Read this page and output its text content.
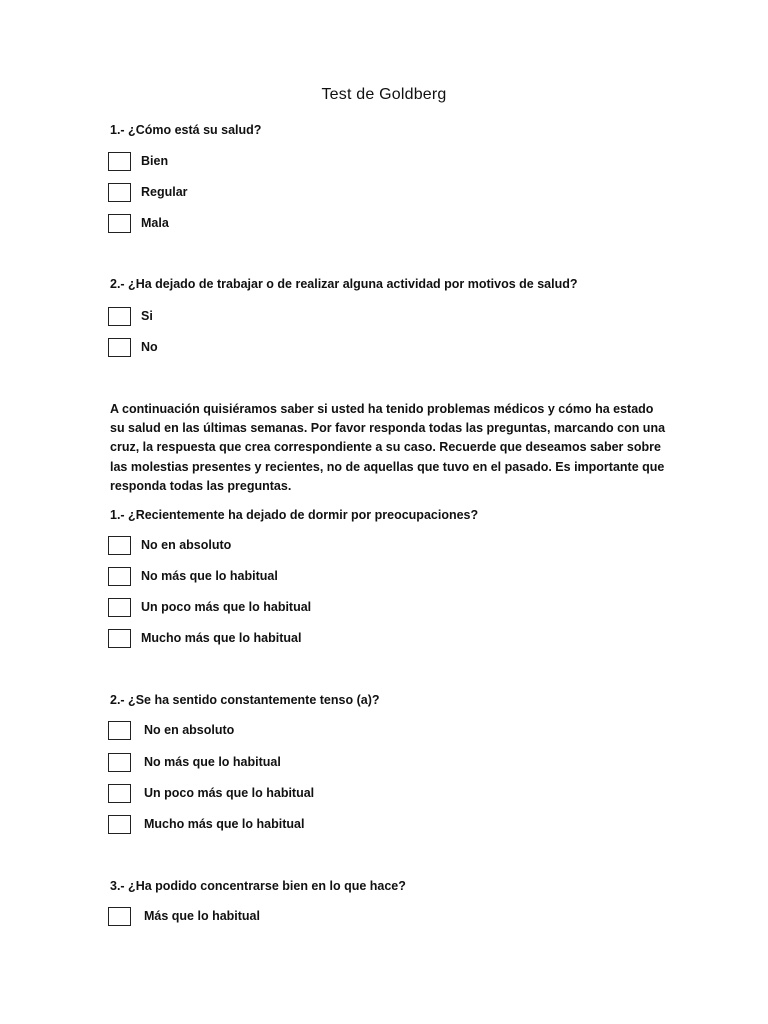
Test de Goldberg
1.- ¿Cómo está su salud?
Bien
Regular
Mala
2.- ¿Ha dejado de trabajar o de realizar alguna actividad por motivos de salud?
Si
No
A continuación quisiéramos saber si usted ha tenido problemas médicos y cómo ha estado su salud en las últimas semanas. Por favor responda todas las preguntas, marcando con una cruz, la respuesta que crea correspondiente a su caso. Recuerde que deseamos saber sobre las molestias presentes y recientes, no de aquellas que tuvo en el pasado. Es importante que responda todas las preguntas.
1.- ¿Recientemente ha dejado de dormir por preocupaciones?
No en absoluto
No más que lo habitual
Un poco más que lo habitual
Mucho más que lo habitual
2.- ¿Se ha sentido constantemente tenso (a)?
No en absoluto
No más que lo habitual
Un poco más que lo habitual
Mucho más que lo habitual
3.- ¿Ha podido concentrarse bien en lo que hace?
Más que lo habitual
